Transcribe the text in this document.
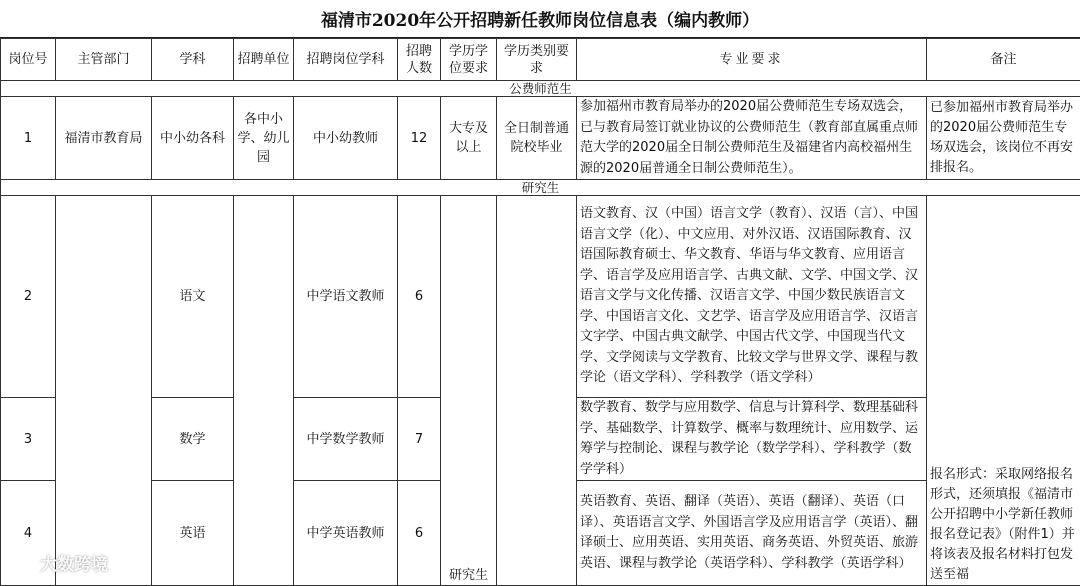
福清市2020年公开招聘新任教师岗位信息表（编内教师）
岗位号	主管部门	学科	招聘单位	招聘岗位学科	招聘人数	学历学位要求	学历类别要求	专业要求	备注
公费师范生									
1	福清市教育局	中小幼各科	各中小学、幼儿园	中小幼教师	12	大专及以上	全日制普通院校毕业	参加福州市教育局举办的2020届公费师范生专场双选会，已与教育局签订就业协议的公费师范生（教育部直属重点师范大学的2020届全日制公费师范生及福建省内高校福州生源的2020届普通全日制公费师范生）。	已参加福州市教育局举办的2020届公费师范生专场双选会，该岗位不再安排报名。
研究生									
2		语文		中学语文教师	6	研究生		语文教育、汉（中国）语言文学（教育）、汉语（言）、中国语言文学（化）、中文应用、对外汉语、汉语国际教育、汉语国际教育硕士、华文教育、华语与华文教育、应用语言学、语言学及应用语言学、古典文献、文学、中国文学、汉语言文学与文化传播、汉语言文学、中国少数民族语言文学、中国语言文化、文艺学、语言学及应用语言学、汉语言文字学、中国古典文献学、中国古代文学、中国现当代文学、文学阅读与文学教育、比较文学与世界文学、课程与教学论（语文学科）、学科教学（语文学科）	报名形式：采取网络报名形式，还须填报《福清市公开招聘中小学新任教师报名登记表》（附件1）并将该表及报名材料打包发送至福
3		数学		中学数学教师	7			数学教育、数学与应用数学、信息与计算科学、数理基础科学、基础数学、计算数学、概率与数理统计、应用数学、运筹学与控制论、课程与教学论（数学学科）、学科教学（数学学科）	
4		英语		中学英语教师	6			英语教育、英语、翻译（英语）、英语（翻译）、英语（口译）、英语语言文学、外国语言学及应用语言学（英语）、翻译硕士、应用英语、实用英语、商务英语、外贸英语、旅游英语、课程与教学论（英语学科）、学科教学（英语学科）	
大数跨境
